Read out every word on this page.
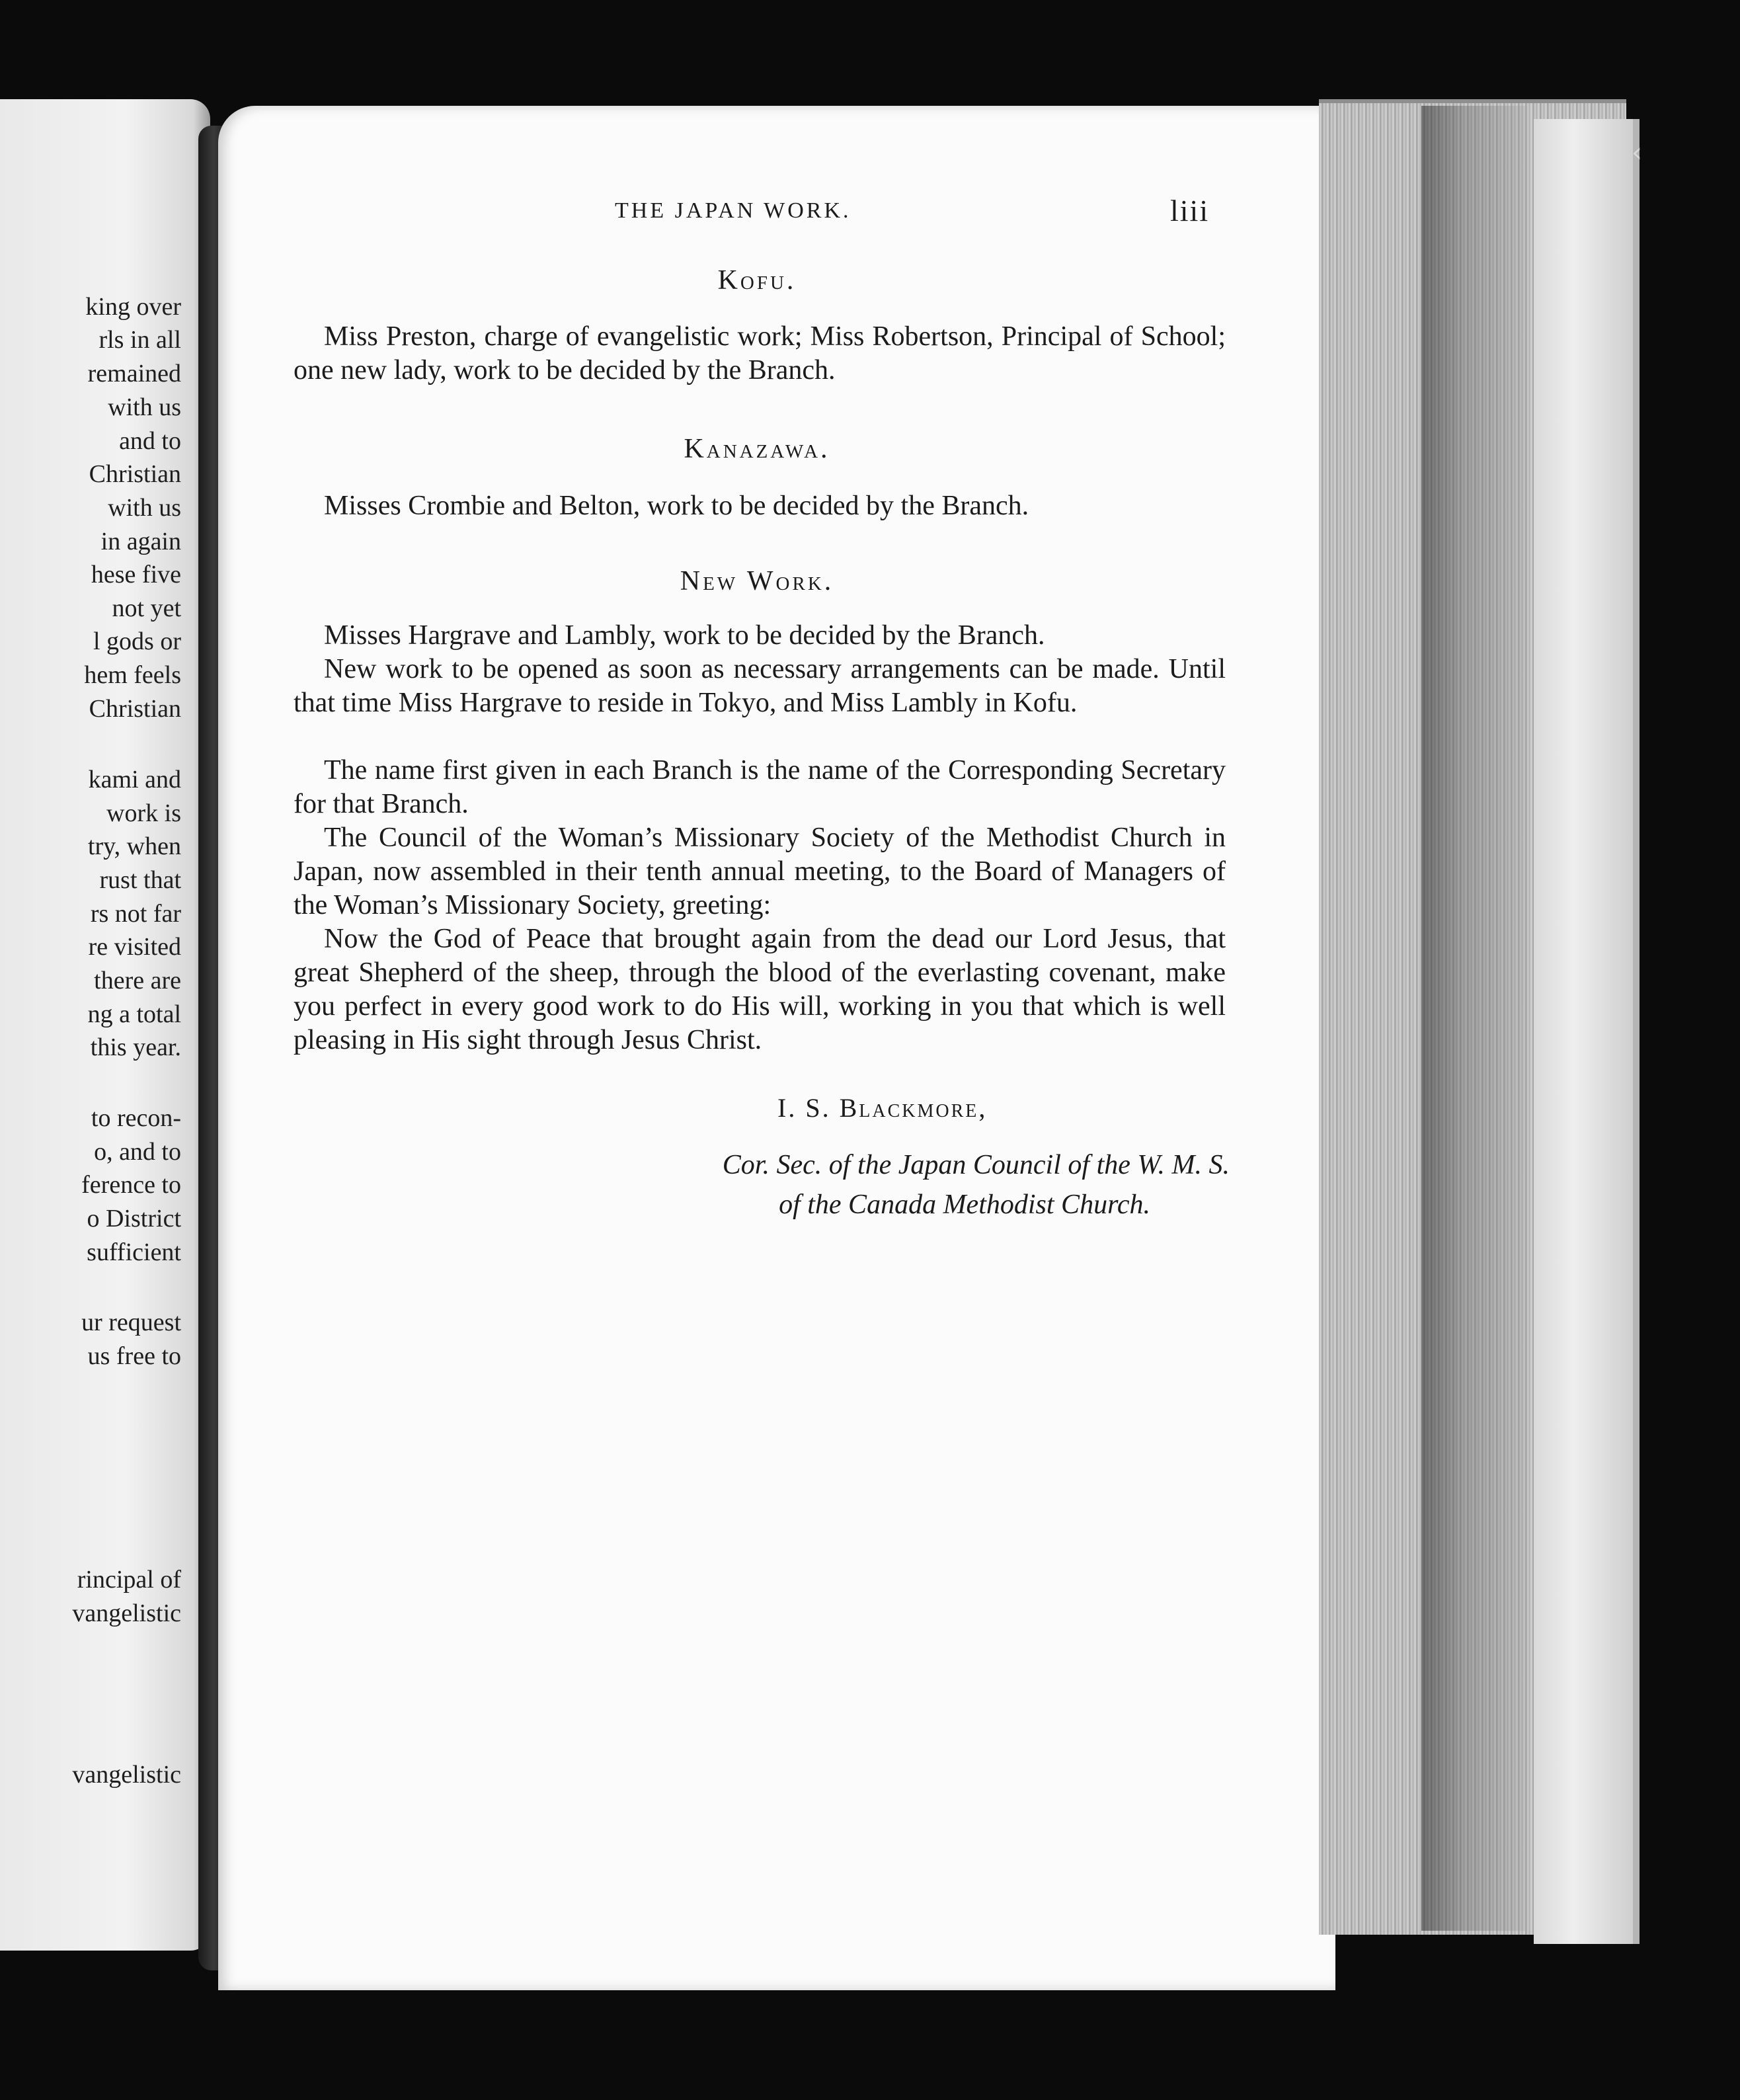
king over
rls in all
remained
with us
and to
Christian
with us
in again
hese five
not yet
l gods or
hem feels
Christian
kami and
work is
try, when
rust that
rs not far
re visited
there are
ng a total
this year.
to recon-
o, and to
ference to
o District
sufficient
ur request
us free to
rincipal of
vangelistic
vangelistic
‹
THE JAPAN WORK.	liii
Kofu.

Miss Preston, charge of evangelistic work; Miss Robertson, Principal of School; one new lady, work to be decided by the Branch.

Kanazawa.

Misses Crombie and Belton, work to be decided by the Branch.

New Work.

Misses Hargrave and Lambly, work to be decided by the Branch.

New work to be opened as soon as necessary arrangements can be made. Until that time Miss Hargrave to reside in Tokyo, and Miss Lambly in Kofu.

The name first given in each Branch is the name of the Corresponding Secretary for that Branch.

The Council of the Woman’s Missionary Society of the Methodist Church in Japan, now assembled in their tenth annual meeting, to the Board of Managers of the Woman’s Missionary Society, greeting:

Now the God of Peace that brought again from the dead our Lord Jesus, that great Shepherd of the sheep, through the blood of the everlasting covenant, make you perfect in every good work to do His will, working in you that which is well pleasing in His sight through Jesus Christ.

I. S. Blackmore,
Cor. Sec. of the Japan Council of the W. M. S.
of the Canada Methodist Church.
